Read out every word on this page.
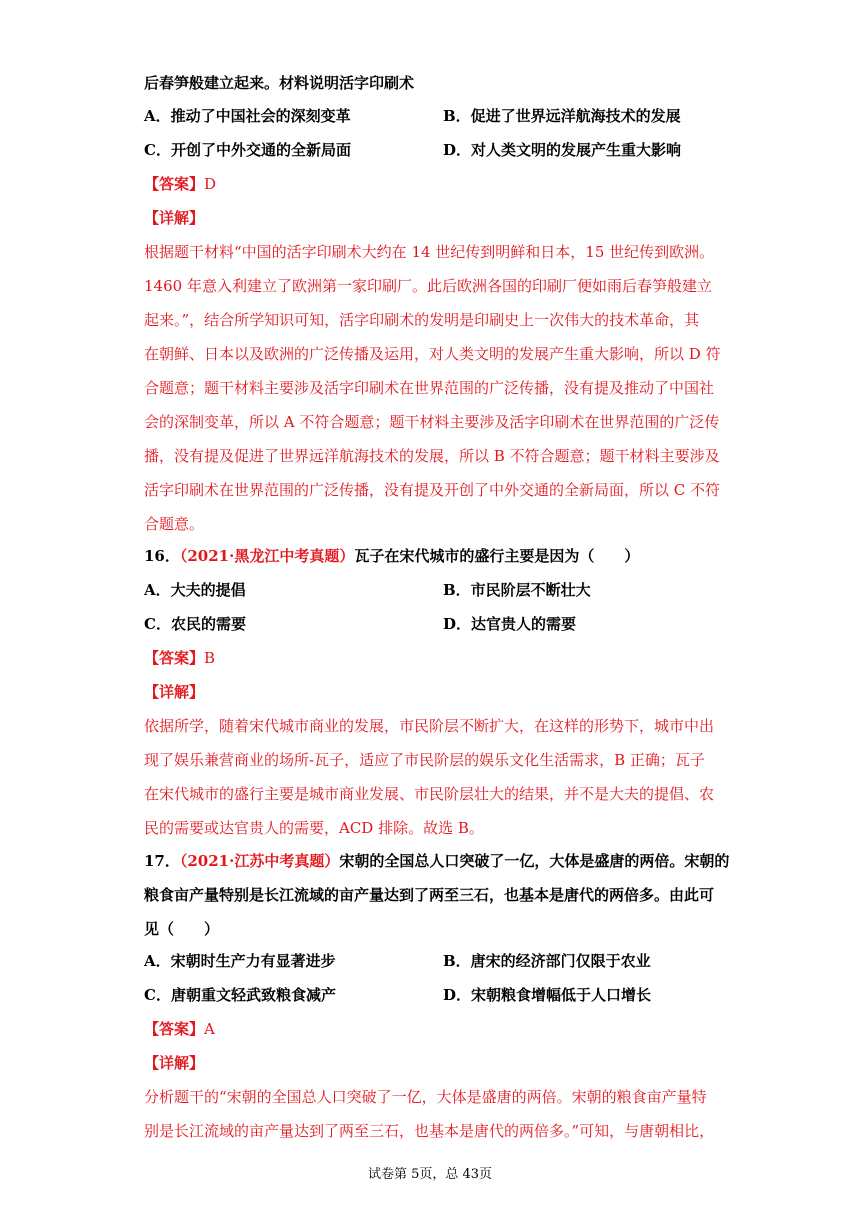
后春笋般建立起来。材料说明活字印刷术
A．推动了中国社会的深刻变革	B．促进了世界远洋航海技术的发展
C．开创了中外交通的全新局面	D．对人类文明的发展产生重大影响
【答案】D
【详解】
根据题干材料“中国的活字印刷术大约在 14 世纪传到明鲜和日本，15 世纪传到欧洲。
1460 年意入利建立了欧洲第一家印刷厂。此后欧洲各国的印刷厂便如雨后春笋般建立
起来。”，结合所学知识可知，活字印刷术的发明是印刷史上一次伟大的技术革命，其
在朝鲜、日本以及欧洲的广泛传播及运用，对人类文明的发展产生重大影响，所以 D 符
合题意；题干材料主要涉及活字印刷术在世界范围的广泛传播，没有提及推动了中国社
会的深制变革，所以 A 不符合题意；题干材料主要涉及活字印刷术在世界范围的广泛传
播，没有提及促进了世界远洋航海技术的发展，所以 B 不符合题意；题干材料主要涉及
活字印刷术在世界范围的广泛传播，没有提及开创了中外交通的全新局面，所以 C 不符
合题意。
16．（2021·黑龙江中考真题）瓦子在宋代城市的盛行主要是因为（　　）
A．大夫的提倡	B．市民阶层不断壮大
C．农民的需要	D．达官贵人的需要
【答案】B
【详解】
依据所学，随着宋代城市商业的发展，市民阶层不断扩大，在这样的形势下，城市中出
现了娱乐兼营商业的场所-瓦子，适应了市民阶层的娱乐文化生活需求，B 正确；瓦子
在宋代城市的盛行主要是城市商业发展、市民阶层壮大的结果，并不是大夫的提倡、农
民的需要或达官贵人的需要，ACD 排除。故选 B。
17．（2021·江苏中考真题）宋朝的全国总人口突破了一亿，大体是盛唐的两倍。宋朝的
粮食亩产量特别是长江流域的亩产量达到了两至三石，也基本是唐代的两倍多。由此可
见（　　）
A．宋朝时生产力有显著进步	B．唐宋的经济部门仅限于农业
C．唐朝重文轻武致粮食减产	D．宋朝粮食增幅低于人口增长
【答案】A
【详解】
分析题干的“宋朝的全国总人口突破了一亿，大体是盛唐的两倍。宋朝的粮食亩产量特
别是长江流域的亩产量达到了两至三石，也基本是唐代的两倍多。”可知，与唐朝相比，
试卷第 5页，总 43页
